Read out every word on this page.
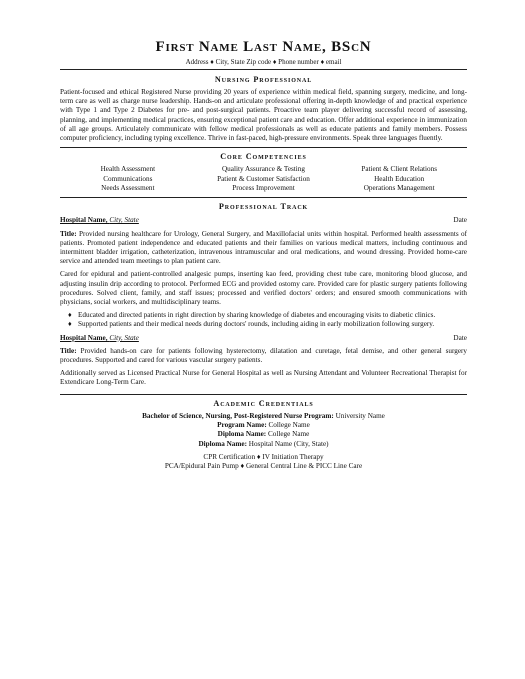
First Name Last Name, BScN
Address ♦ City, State Zip code ♦ Phone number ♦ email
Nursing Professional

Patient-focused and ethical Registered Nurse providing 20 years of experience within medical field, spanning surgery, medicine, and long-term care as well as charge nurse leadership. Hands-on and articulate professional offering in-depth knowledge of and practical experience with Type 1 and Type 2 Diabetes for pre- and post-surgical patients. Proactive team player delivering successful record of assessing, planning, and implementing medical practices, ensuring exceptional patient care and education. Offer additional experience in immunization of all age groups. Articulately communicate with fellow medical professionals as well as educate patients and family members. Possess computer proficiency, including typing excellence. Thrive in fast-paced, high-pressure environments. Speak three languages fluently.

Core Competencies
Health Assessment	Quality Assurance & Testing	Patient & Client Relations
Communications	Patient & Customer Satisfaction	Health Education
Needs Assessment	Process Improvement	Operations Management
Professional Track
Hospital Name, City, State	Date

Title: Provided nursing healthcare for Urology, General Surgery, and Maxillofacial units within hospital. Performed health assessments of patients. Promoted patient independence and educated patients and their families on various medical matters, including continuous and intermittent bladder irrigation, catheterization, intravenous intramuscular and oral medications, and wound dressing. Provided home-care service and attended team meetings to plan patient care.

Cared for epidural and patient-controlled analgesic pumps, inserting kao feed, providing chest tube care, monitoring blood glucose, and adjusting insulin drip according to protocol. Performed ECG and provided ostomy care. Provided care for plastic surgery patients following procedures. Solved client, family, and staff issues; processed and verified doctors' orders; and ensured smooth communications with physicians, social workers, and multidisciplinary teams.

♦ Educated and directed patients in right direction by sharing knowledge of diabetes and encouraging visits to diabetic clinics.
♦ Supported patients and their medical needs during doctors' rounds, including aiding in early mobilization following surgery.
Hospital Name, City, State	Date

Title: Provided hands-on care for patients following hysterectomy, dilatation and curetage, fetal demise, and other general surgery procedures. Supported and cared for various vascular surgery patients.

Additionally served as Licensed Practical Nurse for General Hospital as well as Nursing Attendant and Volunteer Recreational Therapist for Extendicare Long-Term Care.

Academic Credentials
Bachelor of Science, Nursing, Post-Registered Nurse Program: University Name
Program Name: College Name
Diploma Name: College Name
Diploma Name: Hospital Name (City, State)
CPR Certification ♦ IV Initiation Therapy
PCA/Epidural Pain Pump ♦ General Central Line & PICC Line Care
